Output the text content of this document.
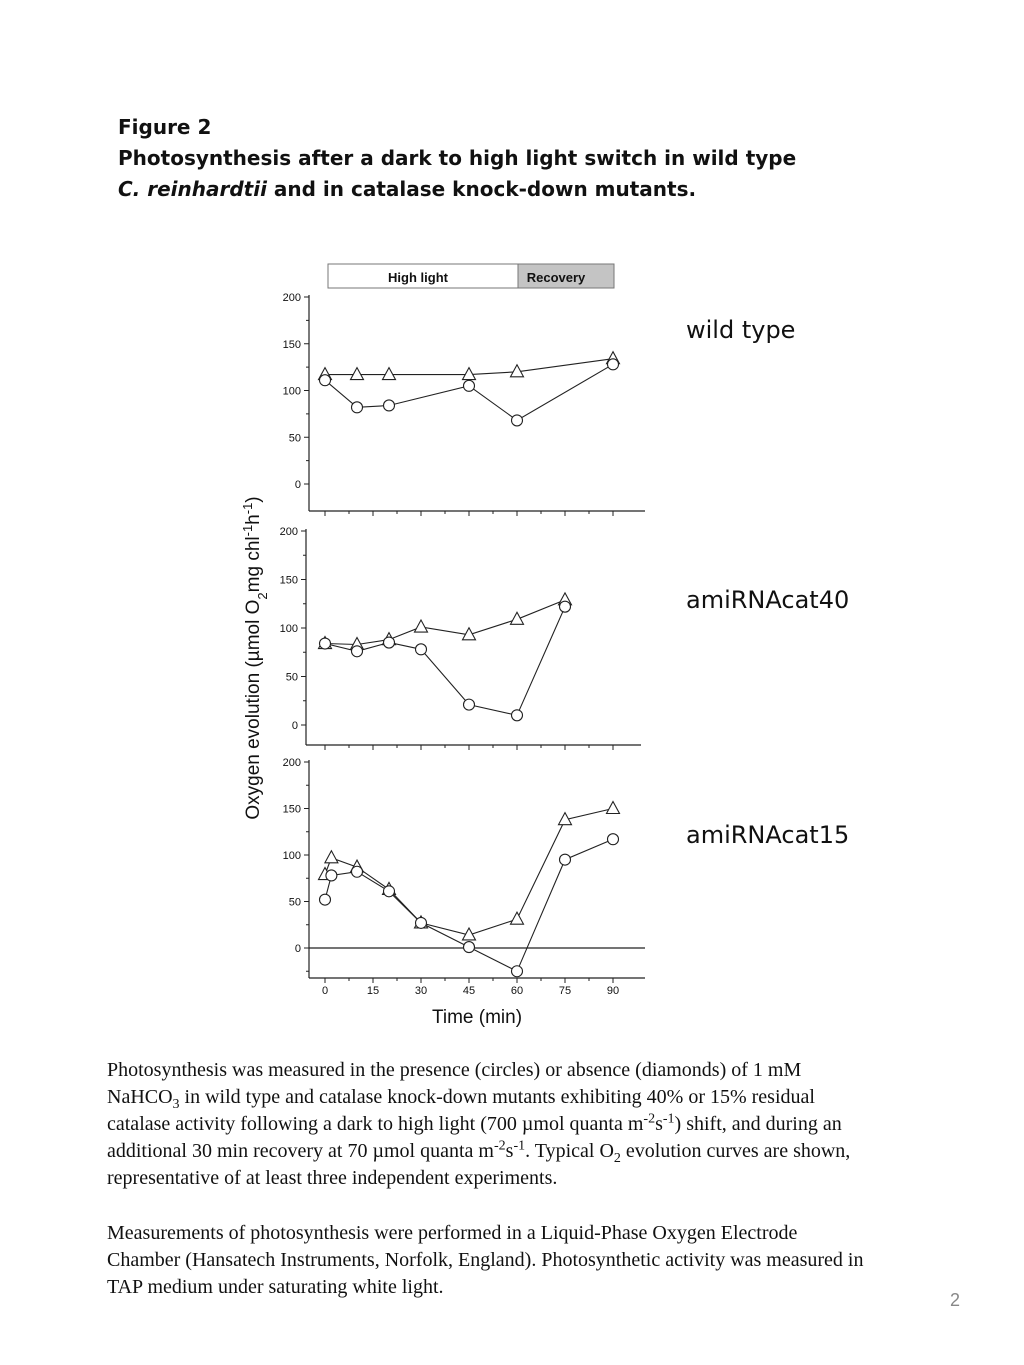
Figure 2
Photosynthesis after a dark to high light switch in wild type
C. reinhardtii and in catalase knock-down mutants.
High light	Recovery
0
50
100
150
200
0
50
100
150
200
0
50
100
150
200
0	15	30	45	60	75	90
Time (min)
Oxygen evolution (µmol $O_2mg$ $chl^{-1}h^{-1}$)
wild type
amiRNAcat40
amiRNAcat15

Photosynthesis was measured in the presence (circles) or absence (diamonds) of 1 mM
NaHCO$_3$ in wild type and catalase knock-down mutants exhibiting 40% or 15% residual
catalase activity following a dark to high light (700 µmol quanta $m^{-2}s^{-1}$) shift, and during an
additional 30 min recovery at 70 µmol quanta $m^{-2}s^{-1}$. Typical $O_2$ evolution curves are shown,
representative of at least three independent experiments.

Measurements of photosynthesis were performed in a Liquid-Phase Oxygen Electrode
Chamber (Hansatech Instruments, Norfolk, England). Photosynthetic activity was measured in
TAP medium under saturating white light.

2
